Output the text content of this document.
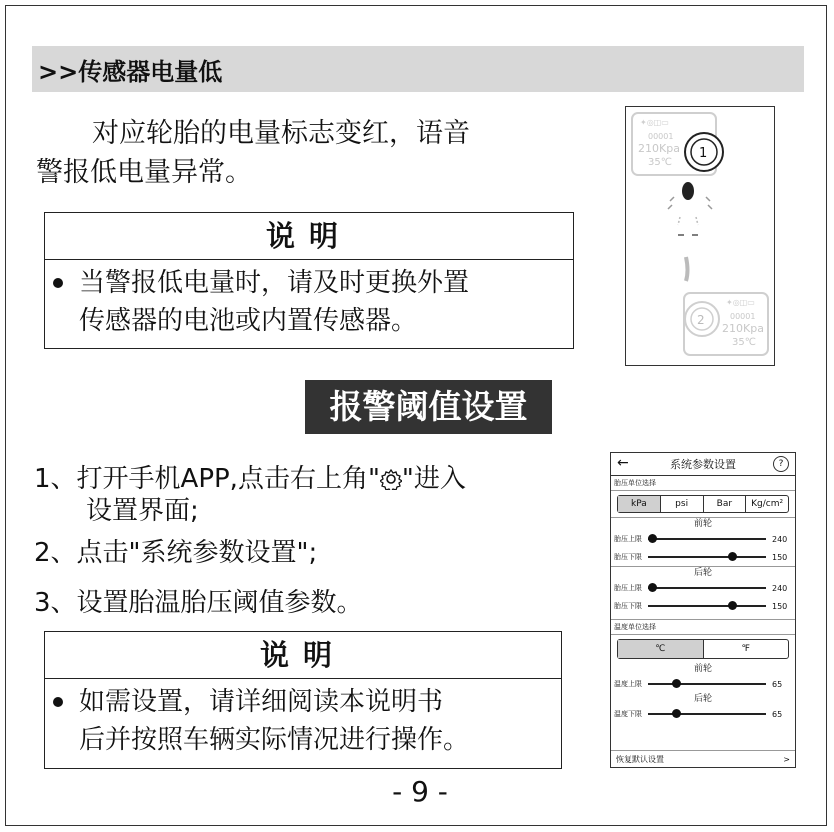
>>传感器电量低
对应轮胎的电量标志变红，语音
警报低电量异常。
说明
当警报低电量时，请及时更换外置
传感器的电池或内置传感器。
✦◎◫▭
00001
210Kpa
35℃
1
✦◎◫▭
2	00001
210Kpa
35℃
报警阈值设置
1、打开手机APP,点击右上角" "进入
设置界面;
2、点击"系统参数设置";
3、设置胎温胎压阈值参数。
说明
如需设置，请详细阅读本说明书
后并按照车辆实际情况进行操作。
- 9 -
←	系统参数设置	?
胎压单位选择
kPa	psi	Bar	Kg/cm²
前轮
胎压上限	240
胎压下限	150
后轮
胎压上限	240
胎压下限	150
温度单位选择
℃	℉
前轮
温度上限	65
后轮
温度下限	65
恢复默认设置	>
